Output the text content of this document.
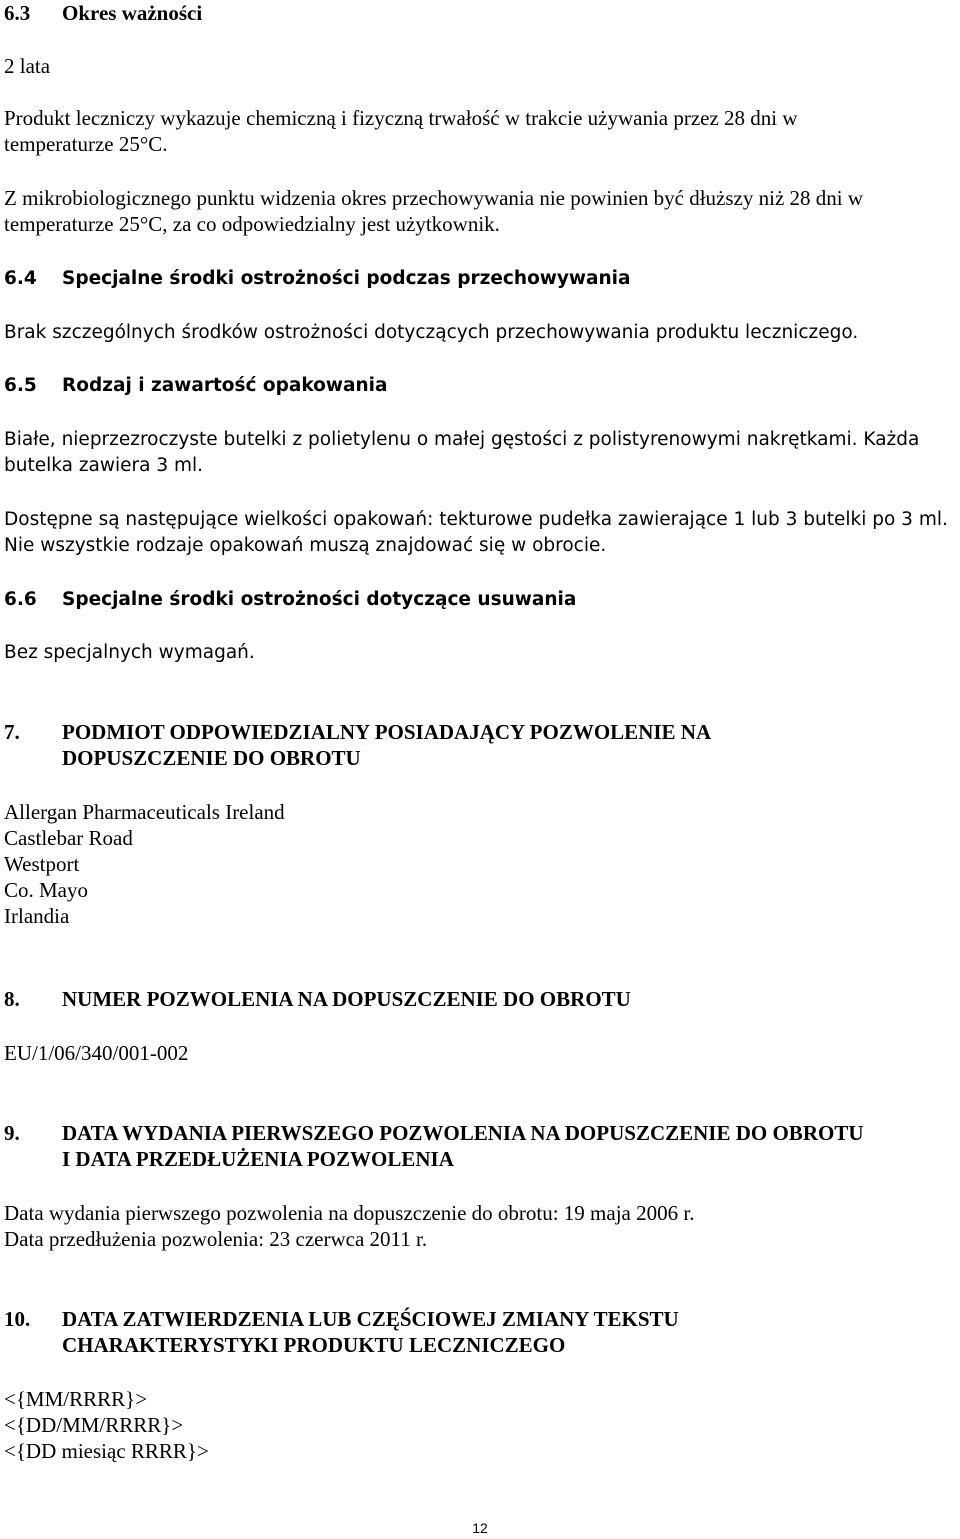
6.3 Okres ważności
2 lata
Produkt leczniczy wykazuje chemiczną i fizyczną trwałość w trakcie używania przez 28 dni w
temperaturze 25°C.
Z mikrobiologicznego punktu widzenia okres przechowywania nie powinien być dłuższy niż 28 dni w
temperaturze 25°C, za co odpowiedzialny jest użytkownik.
6.4 Specjalne środki ostrożności podczas przechowywania
Brak szczególnych środków ostrożności dotyczących przechowywania produktu leczniczego.
6.5 Rodzaj i zawartość opakowania
Białe, nieprzezroczyste butelki z polietylenu o małej gęstości z polistyrenowymi nakrętkami. Każda
butelka zawiera 3 ml.
Dostępne są następujące wielkości opakowań: tekturowe pudełka zawierające 1 lub 3 butelki po 3 ml.
Nie wszystkie rodzaje opakowań muszą znajdować się w obrocie.
6.6 Specjalne środki ostrożności dotyczące usuwania
Bez specjalnych wymagań.
7. PODMIOT ODPOWIEDZIALNY POSIADAJĄCY POZWOLENIE NA
DOPUSZCZENIE DO OBROTU
Allergan Pharmaceuticals Ireland
Castlebar Road
Westport
Co. Mayo
Irlandia
8. NUMER POZWOLENIA NA DOPUSZCZENIE DO OBROTU
EU/1/06/340/001-002
9. DATA WYDANIA PIERWSZEGO POZWOLENIA NA DOPUSZCZENIE DO OBROTU
I DATA PRZEDŁUŻENIA POZWOLENIA
Data wydania pierwszego pozwolenia na dopuszczenie do obrotu: 19 maja 2006 r.
Data przedłużenia pozwolenia: 23 czerwca 2011 r.
10. DATA ZATWIERDZENIA LUB CZĘŚCIOWEJ ZMIANY TEKSTU
CHARAKTERYSTYKI PRODUKTU LECZNICZEGO
<{MM/RRRR}>
<{DD/MM/RRRR}>
<{DD miesiąc RRRR}>
12
